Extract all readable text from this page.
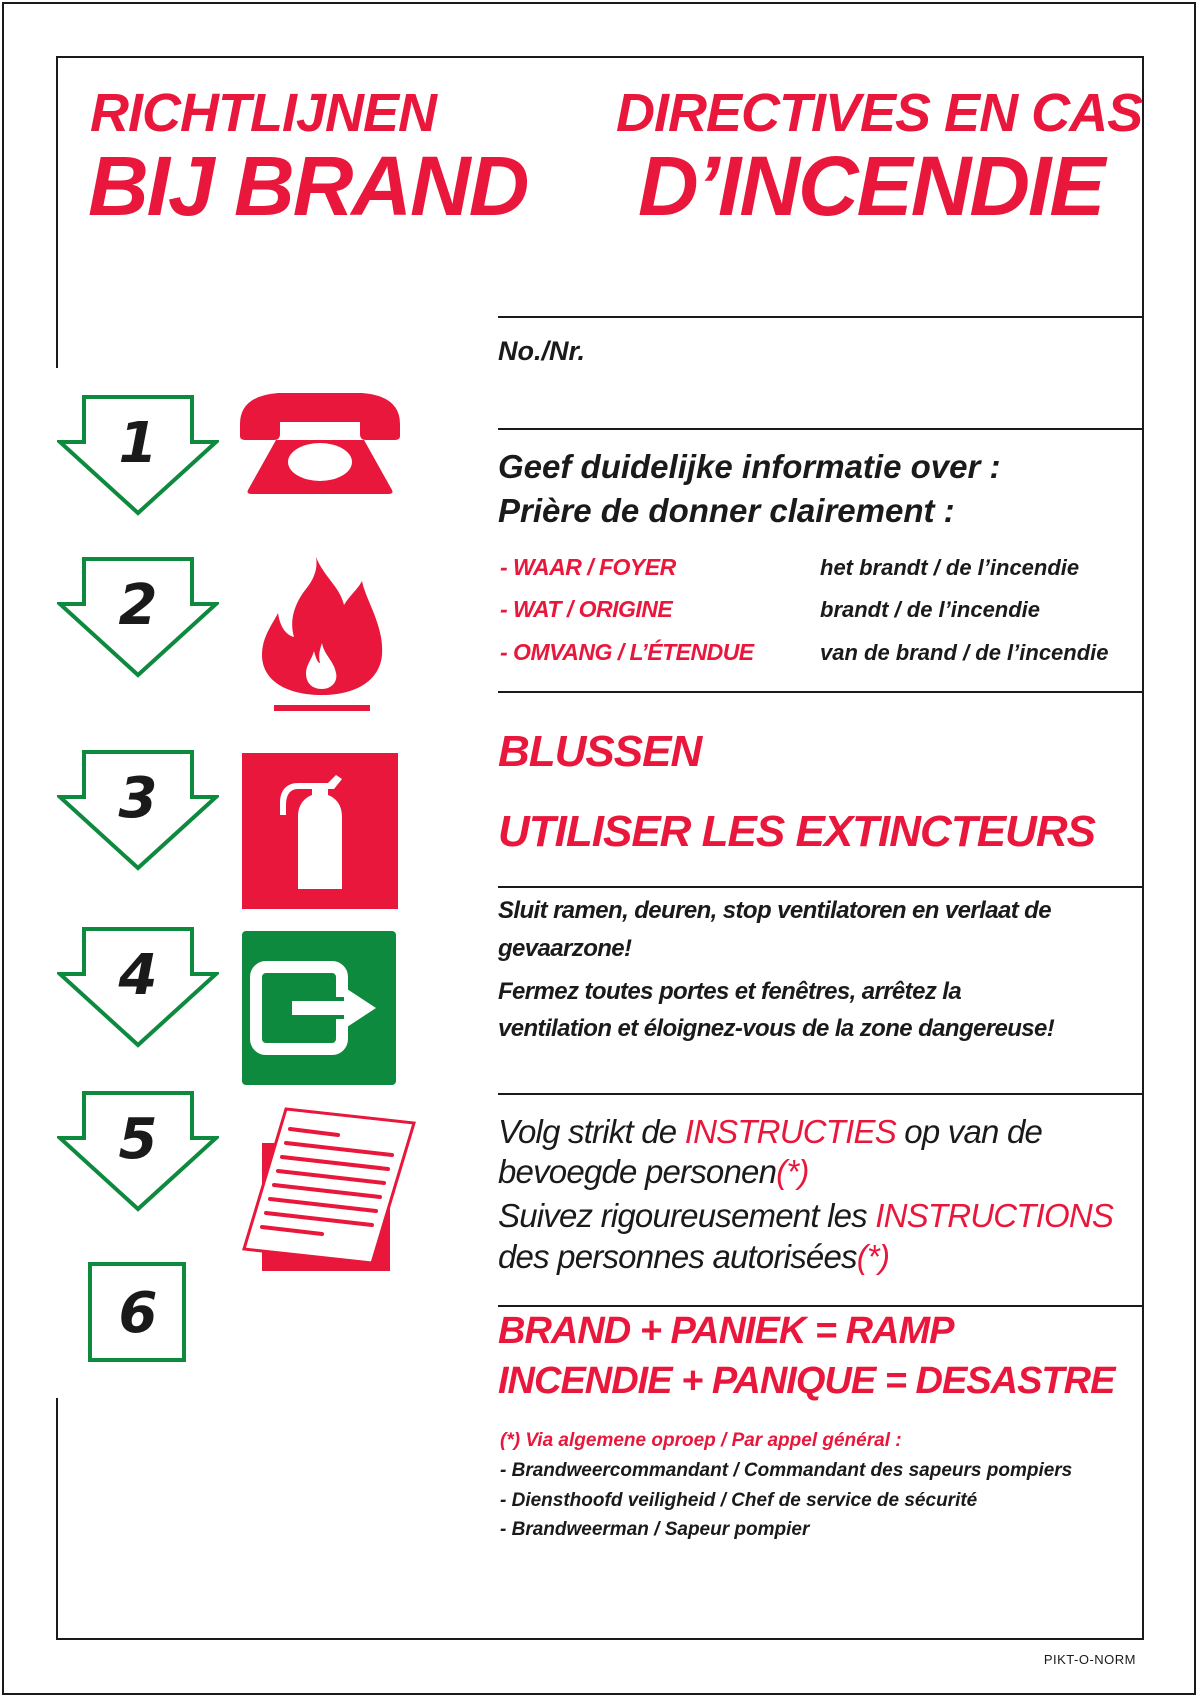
RICHTLIJNEN
BIJ BRAND
DIRECTIVES EN CAS
D’INCENDIE
No./Nr.
Geef duidelijke informatie over :
Prière de donner clairement :
- WAAR / FOYER	het brandt / de l’incendie
- WAT / ORIGINE	brandt / de l’incendie
- OMVANG / L’ÉTENDUE	van de brand / de l’incendie
BLUSSEN
UTILISER LES EXTINCTEURS
Sluit ramen, deuren, stop ventilatoren en verlaat de
gevaarzone!
Fermez toutes portes et fenêtres, arrêtez la
ventilation et éloignez-vous de la zone dangereuse!
Volg strikt de INSTRUCTIES op van de
bevoegde personen(*)
Suivez rigoureusement les INSTRUCTIONS
des personnes autorisées(*)
BRAND + PANIEK = RAMP
INCENDIE + PANIQUE = DESASTRE
(*) Via algemene oproep / Par appel général :
- Brandweercommandant / Commandant des sapeurs pompiers
- Diensthoofd veiligheid / Chef de service de sécurité
- Brandweerman / Sapeur pompier
PIKT-O-NORM
1
2
3
4
5
6
